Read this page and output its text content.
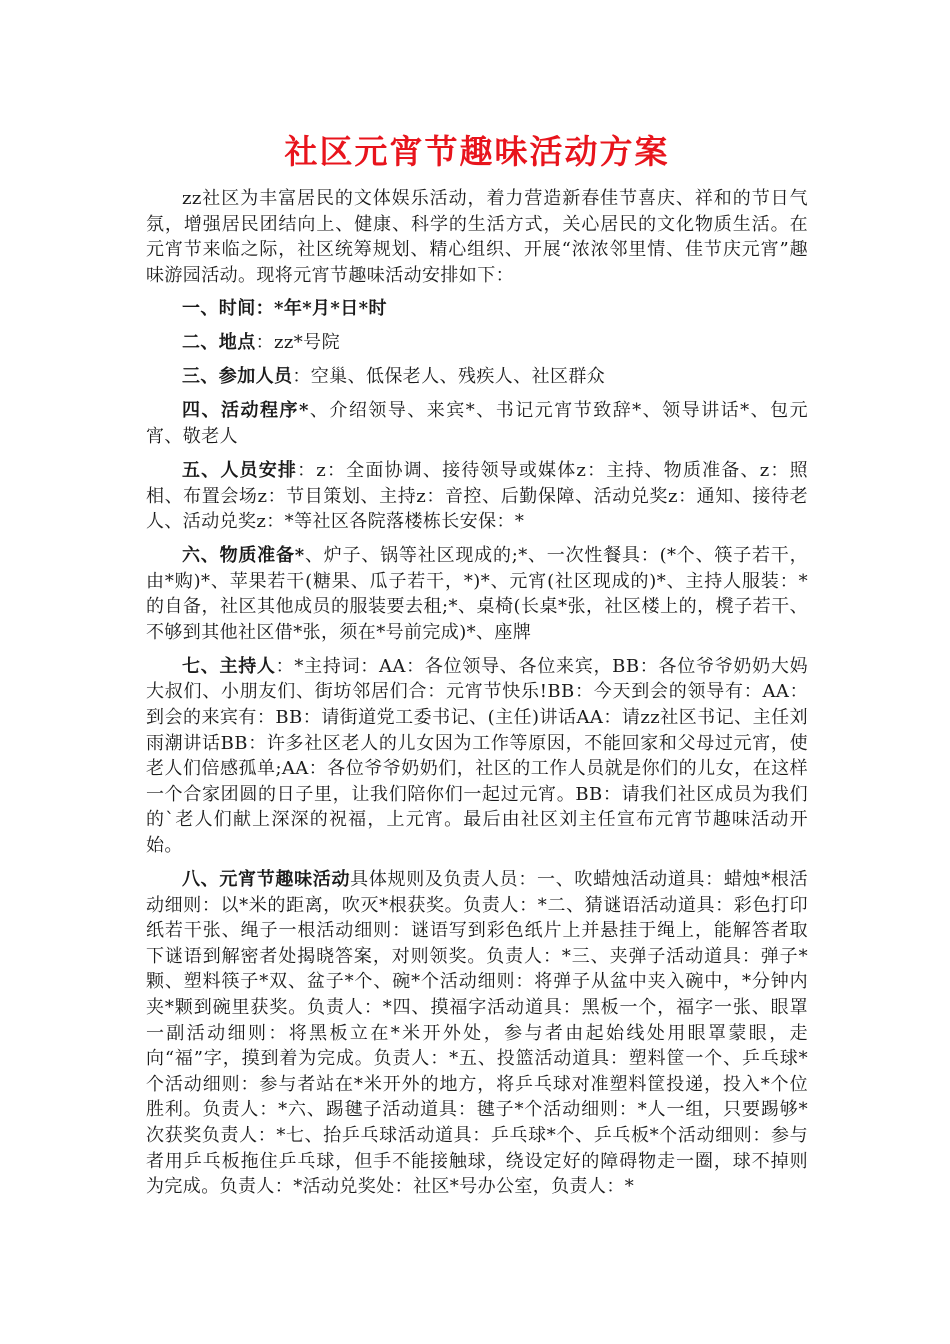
社区元宵节趣味活动方案

zz社区为丰富居民的文体娱乐活动，着力营造新春佳节喜庆、祥和的节日气氛，增强居民团结向上、健康、科学的生活方式，关心居民的文化物质生活。在元宵节来临之际，社区统筹规划、精心组织、开展“浓浓邻里情、佳节庆元宵”趣味游园活动。现将元宵节趣味活动安排如下：

一、时间：*年*月*日*时

二、地点：zz*号院

三、参加人员：空巢、低保老人、残疾人、社区群众

四、活动程序*、介绍领导、来宾*、书记元宵节致辞*、领导讲话*、包元宵、敬老人

五、人员安排：z：全面协调、接待领导或媒体z：主持、物质准备、z：照相、布置会场z：节目策划、主持z：音控、后勤保障、活动兑奖z：通知、接待老人、活动兑奖z：*等社区各院落楼栋长安保：*

六、物质准备*、炉子、锅等社区现成的;*、一次性餐具：(*个、筷子若干，由*购)*、苹果若干(糖果、瓜子若干，*)*、元宵(社区现成的)*、主持人服装：*的自备，社区其他成员的服装要去租;*、桌椅(长桌*张，社区楼上的，櫈子若干、不够到其他社区借*张，须在*号前完成)*、座牌

七、主持人：*主持词：AA：各位领导、各位来宾，BB：各位爷爷奶奶大妈大叔们、小朋友们、街坊邻居们合：元宵节快乐!BB：今天到会的领导有：AA：到会的来宾有：BB：请街道党工委书记、(主任)讲话AA：请zz社区书记、主任刘雨潮讲话BB：许多社区老人的儿女因为工作等原因，不能回家和父母过元宵，使老人们倍感孤单;AA：各位爷爷奶奶们，社区的工作人员就是你们的儿女，在这样一个合家团圆的日子里，让我们陪你们一起过元宵。BB：请我们社区成员为我们的`老人们献上深深的祝福，上元宵。最后由社区刘主任宣布元宵节趣味活动开始。

八、元宵节趣味活动具体规则及负责人员：一、吹蜡烛活动道具：蜡烛*根活动细则：以*米的距离，吹灭*根获奖。负责人：*二、猜谜语活动道具：彩色打印纸若干张、绳子一根活动细则：谜语写到彩色纸片上并悬挂于绳上，能解答者取下谜语到解密者处揭晓答案，对则领奖。负责人：*三、夹弹子活动道具：弹子*颗、塑料筷子*双、盆子*个、碗*个活动细则：将弹子从盆中夹入碗中，*分钟内夹*颗到碗里获奖。负责人：*四、摸福字活动道具：黑板一个，福字一张、眼罩一副活动细则：将黑板立在*米开外处，参与者由起始线处用眼罩蒙眼，走向“福”字，摸到着为完成。负责人：*五、投篮活动道具：塑料筐一个、乒乓球*个活动细则：参与者站在*米开外的地方，将乒乓球对准塑料筐投递，投入*个位胜利。负责人：*六、踢毽子活动道具：毽子*个活动细则：*人一组，只要踢够*次获奖负责人：*七、抬乒乓球活动道具：乒乓球*个、乒乓板*个活动细则：参与者用乒乓板拖住乒乓球，但手不能接触球，绕设定好的障碍物走一圈，球不掉则为完成。负责人：*活动兑奖处：社区*号办公室，负责人：*
